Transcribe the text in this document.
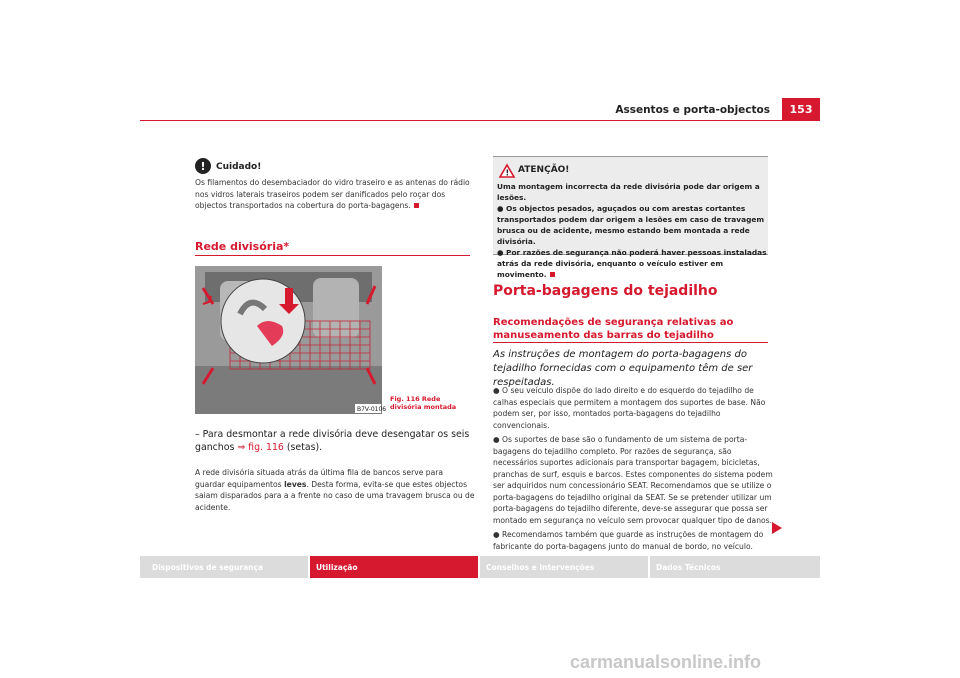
Assentos e porta-objectos	153
!	Cuidado!
Os filamentos do desembaciador do vidro traseiro e as antenas do rádio nos vidros laterais traseiros podem ser danificados pelo roçar dos objectos transportados na cobertura do porta-bagagens.
Rede divisória*
B7V-0106
Fig. 116 Rede divisória montada
– Para desmontar a rede divisória deve desengatar os seis ganchos ⇒ fig. 116 (setas).
A rede divisória situada atrás da última fila de bancos serve para guardar equipamentos leves. Desta forma, evita-se que estes objectos saiam disparados para a a frente no caso de uma travagem brusca ou de acidente.
! ATENÇÃO!
Uma montagem incorrecta da rede divisória pode dar origem a lesões.
● Os objectos pesados, aguçados ou com arestas cortantes transportados podem dar origem a lesões em caso de travagem brusca ou de acidente, mesmo estando bem montada a rede divisória.
● Por razões de segurança não poderá haver pessoas instaladas atrás da rede divisória, enquanto o veículo estiver em movimento.
Porta-bagagens do tejadilho
Recomendações de segurança relativas ao manuseamento das barras do tejadilho
As instruções de montagem do porta-bagagens do tejadilho fornecidas com o equipamento têm de ser respeitadas.

● O seu veículo dispõe do lado direito e do esquerdo do tejadilho de calhas especiais que permitem a montagem dos suportes de base. Não podem ser, por isso, montados porta-bagagens do tejadilho convencionais.

● Os suportes de base são o fundamento de um sistema de porta-bagagens do tejadilho completo. Por razões de segurança, são necessários suportes adicionais para transportar bagagem, bicicletas, pranchas de surf, esquis e barcos. Estes componentes do sistema podem ser adquiridos num concessionário SEAT. Recomendamos que se utilize o porta-bagagens do tejadilho original da SEAT. Se se pretender utilizar um porta-bagagens do tejadilho diferente, deve-se assegurar que possa ser montado em segurança no veículo sem provocar qualquer tipo de danos.

● Recomendamos também que guarde as instruções de montagem do fabricante do porta-bagagens junto do manual de bordo, no veículo.

Dispositivos de segurança	Utilização	Conselhos e Intervenções	Dados Técnicos
carmanualsonline.info
